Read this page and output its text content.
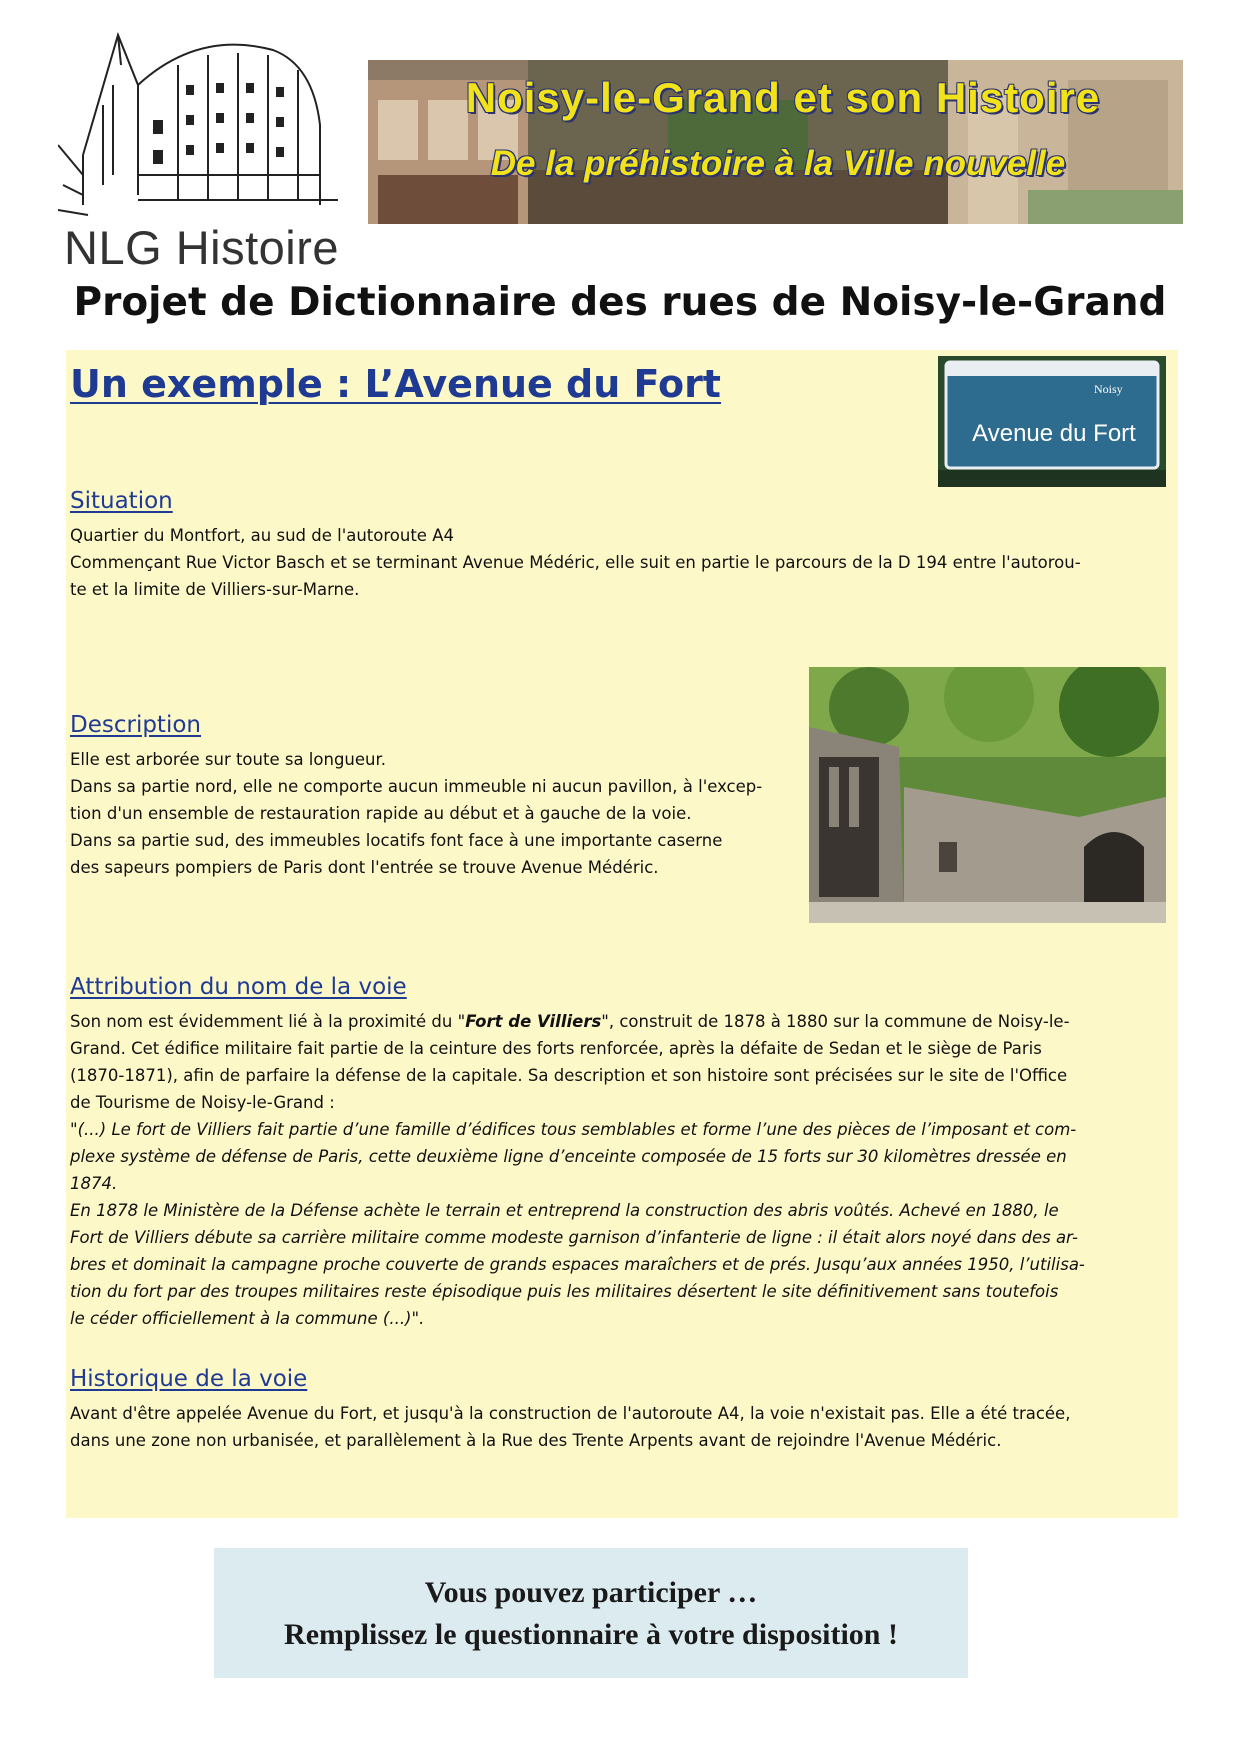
NLG Histoire
Noisy-le-Grand et son Histoire
De la préhistoire à la Ville nouvelle
Projet de Dictionnaire des rues de Noisy-le-Grand
Un exemple : L’Avenue du Fort	Noisy
Avenue du Fort
Situation

Quartier du Montfort, au sud de l'autoroute A4

Commençant Rue Victor Basch et se terminant Avenue Médéric, elle suit en partie le parcours de la D 194 entre l'autorou-

te et la limite de Villiers-sur-Marne.

Description

Elle est arborée sur toute sa longueur.

Dans sa partie nord, elle ne comporte aucun immeuble ni aucun pavillon, à l'excep-

tion d'un ensemble de restauration rapide au début et à gauche de la voie.

Dans sa partie sud, des immeubles locatifs font face à une importante caserne

des sapeurs pompiers de Paris dont l'entrée se trouve Avenue Médéric.

Attribution du nom de la voie

Son nom est évidemment lié à la proximité du "Fort de Villiers", construit de 1878 à 1880 sur la commune de Noisy-le-

Grand. Cet édifice militaire fait partie de la ceinture des forts renforcée, après la défaite de Sedan et le siège de Paris

(1870-1871), afin de parfaire la défense de la capitale. Sa description et son histoire sont précisées sur le site de l'Office

de Tourisme de Noisy-le-Grand :

"(...) Le fort de Villiers fait partie d’une famille d’édifices tous semblables et forme l’une des pièces de l’imposant et com-

plexe système de défense de Paris, cette deuxième ligne d’enceinte composée de 15 forts sur 30 kilomètres dressée en

1874.

En 1878 le Ministère de la Défense achète le terrain et entreprend la construction des abris voûtés. Achevé en 1880, le

Fort de Villiers débute sa carrière militaire comme modeste garnison d’infanterie de ligne : il était alors noyé dans des ar-

bres et dominait la campagne proche couverte de grands espaces maraîchers et de prés. Jusqu’aux années 1950, l’utilisa-

tion du fort par des troupes militaires reste épisodique puis les militaires désertent le site définitivement sans toutefois

le céder officiellement à la commune (...)".

Historique de la voie

Avant d'être appelée Avenue du Fort, et jusqu'à la construction de l'autoroute A4, la voie n'existait pas. Elle a été tracée,

dans une zone non urbanisée, et parallèlement à la Rue des Trente Arpents avant de rejoindre l'Avenue Médéric.

Vous pouvez participer …
Remplissez le questionnaire à votre disposition !
